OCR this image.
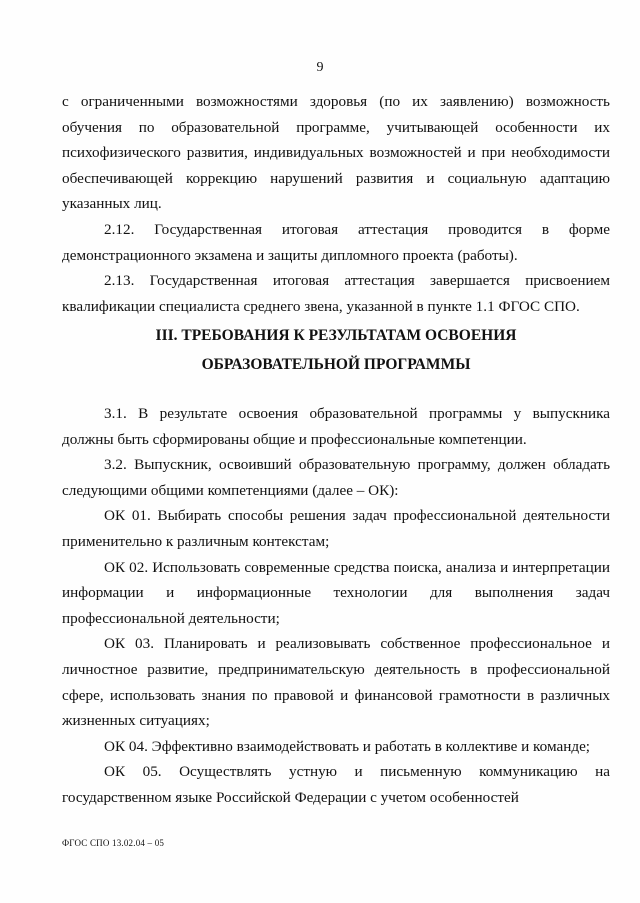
9

с ограниченными возможностями здоровья (по их заявлению) возможность обучения по образовательной программе, учитывающей особенности их психофизического развития, индивидуальных возможностей и при необходимости обеспечивающей коррекцию нарушений развития и социальную адаптацию указанных лиц.

2.12. Государственная итоговая аттестация проводится в форме демонстрационного экзамена и защиты дипломного проекта (работы).

2.13. Государственная итоговая аттестация завершается присвоением квалификации специалиста среднего звена, указанной в пункте 1.1 ФГОС СПО.

III. ТРЕБОВАНИЯ К РЕЗУЛЬТАТАМ ОСВОЕНИЯ ОБРАЗОВАТЕЛЬНОЙ ПРОГРАММЫ

3.1. В результате освоения образовательной программы у выпускника должны быть сформированы общие и профессиональные компетенции.

3.2. Выпускник, освоивший образовательную программу, должен обладать следующими общими компетенциями (далее – ОК):

ОК 01. Выбирать способы решения задач профессиональной деятельности применительно к различным контекстам;

ОК 02. Использовать современные средства поиска, анализа и интерпретации информации и информационные технологии для выполнения задач профессиональной деятельности;

ОК 03. Планировать и реализовывать собственное профессиональное и личностное развитие, предпринимательскую деятельность в профессиональной сфере, использовать знания по правовой и финансовой грамотности в различных жизненных ситуациях;

ОК 04. Эффективно взаимодействовать и работать в коллективе и команде;

ОК 05. Осуществлять устную и письменную коммуникацию на государственном языке Российской Федерации с учетом особенностей

ФГОС СПО 13.02.04 – 05
